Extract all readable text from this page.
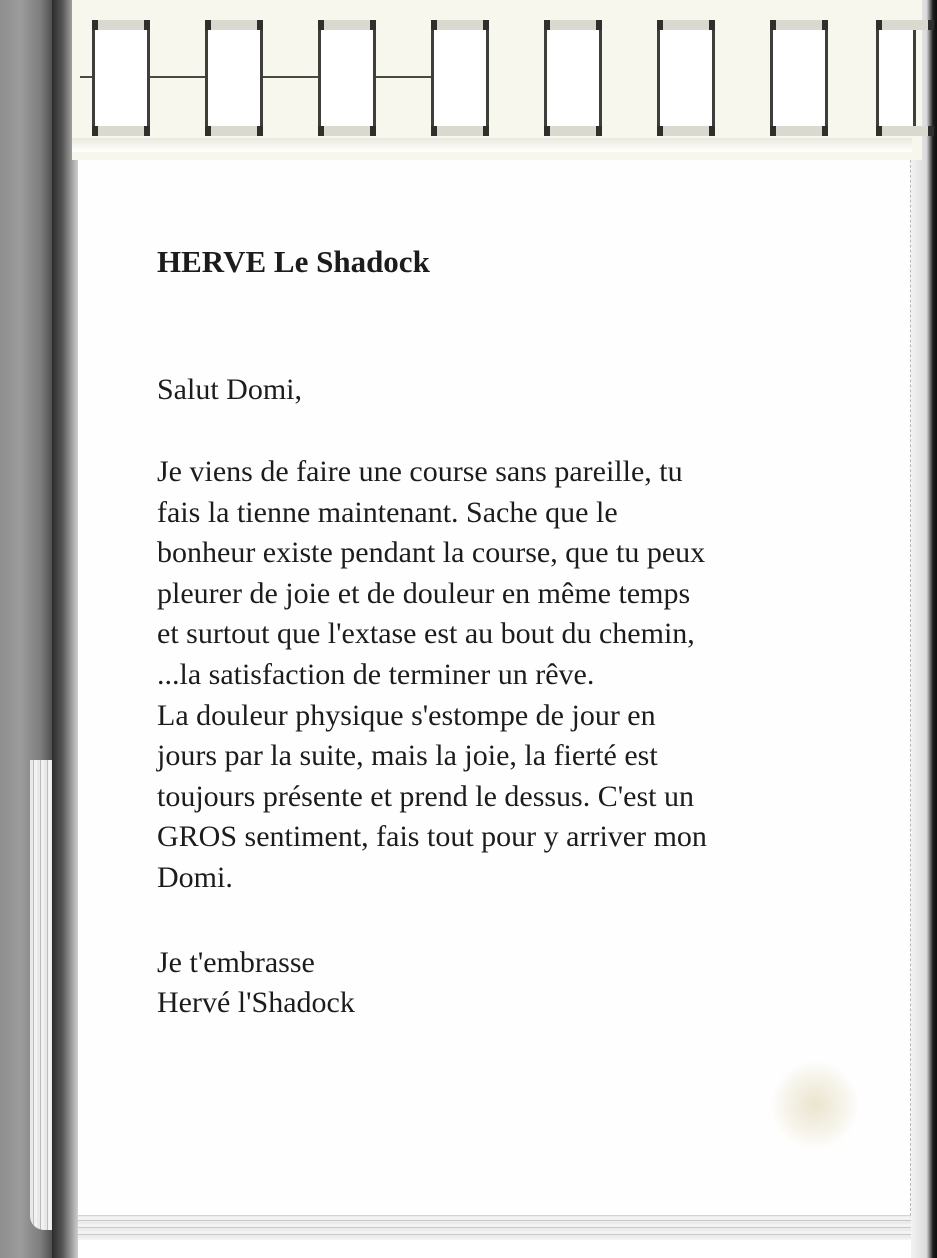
HERVE Le Shadock

Salut Domi,

Je viens de faire une course sans pareille, tu
fais la tienne maintenant. Sache que le
bonheur existe pendant la course, que tu peux
pleurer de joie et de douleur en même temps
et surtout que l'extase est au bout du chemin,
...la satisfaction de terminer un rêve.
La douleur physique s'estompe de jour en
jours par la suite, mais la joie, la fierté est
toujours présente et prend le dessus. C'est un
GROS sentiment, fais tout pour y arriver mon
Domi.

Je t'embrasse
Hervé l'Shadock
